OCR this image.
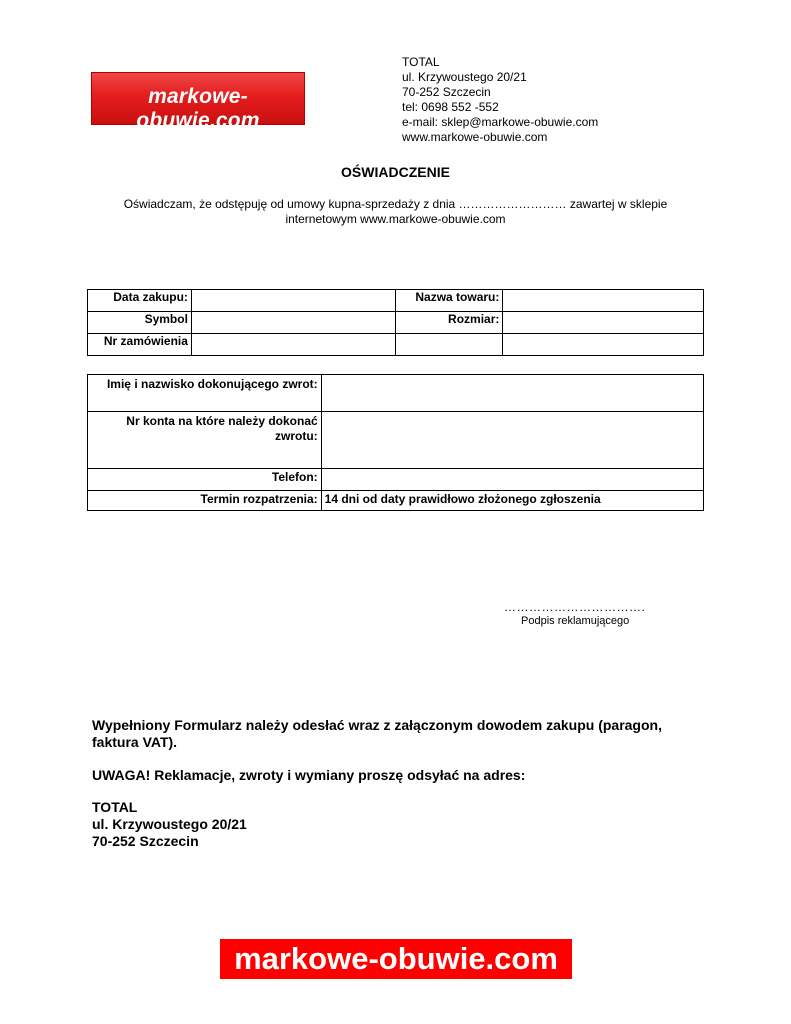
markowe-obuwie.com
TOTAL
ul. Krzywoustego 20/21
70-252 Szczecin
tel: 0698 552 -552
e-mail: sklep@markowe-obuwie.com
www.markowe-obuwie.com
OŚWIADCZENIE
Oświadczam, że odstępuję od umowy kupna-sprzedaży z dnia ……………………… zawartej w sklepie
internetowym www.markowe-obuwie.com
Data zakupu:		Nazwa towaru:	
Symbol		Rozmiar:	
Nr zamówienia			
Imię i nazwisko dokonującego zwrot:	
Nr konta na które należy dokonać zwrotu:	
Telefon:	
Termin rozpatrzenia:	14 dni od daty prawidłowo złożonego zgłoszenia
…………………………….
Podpis reklamującego
Wypełniony Formularz należy odesłać wraz z załączonym dowodem zakupu (paragon, faktura VAT).
UWAGA! Reklamacje, zwroty i wymiany proszę odsyłać na adres:
TOTAL
ul. Krzywoustego 20/21
70-252 Szczecin
markowe-obuwie.com
